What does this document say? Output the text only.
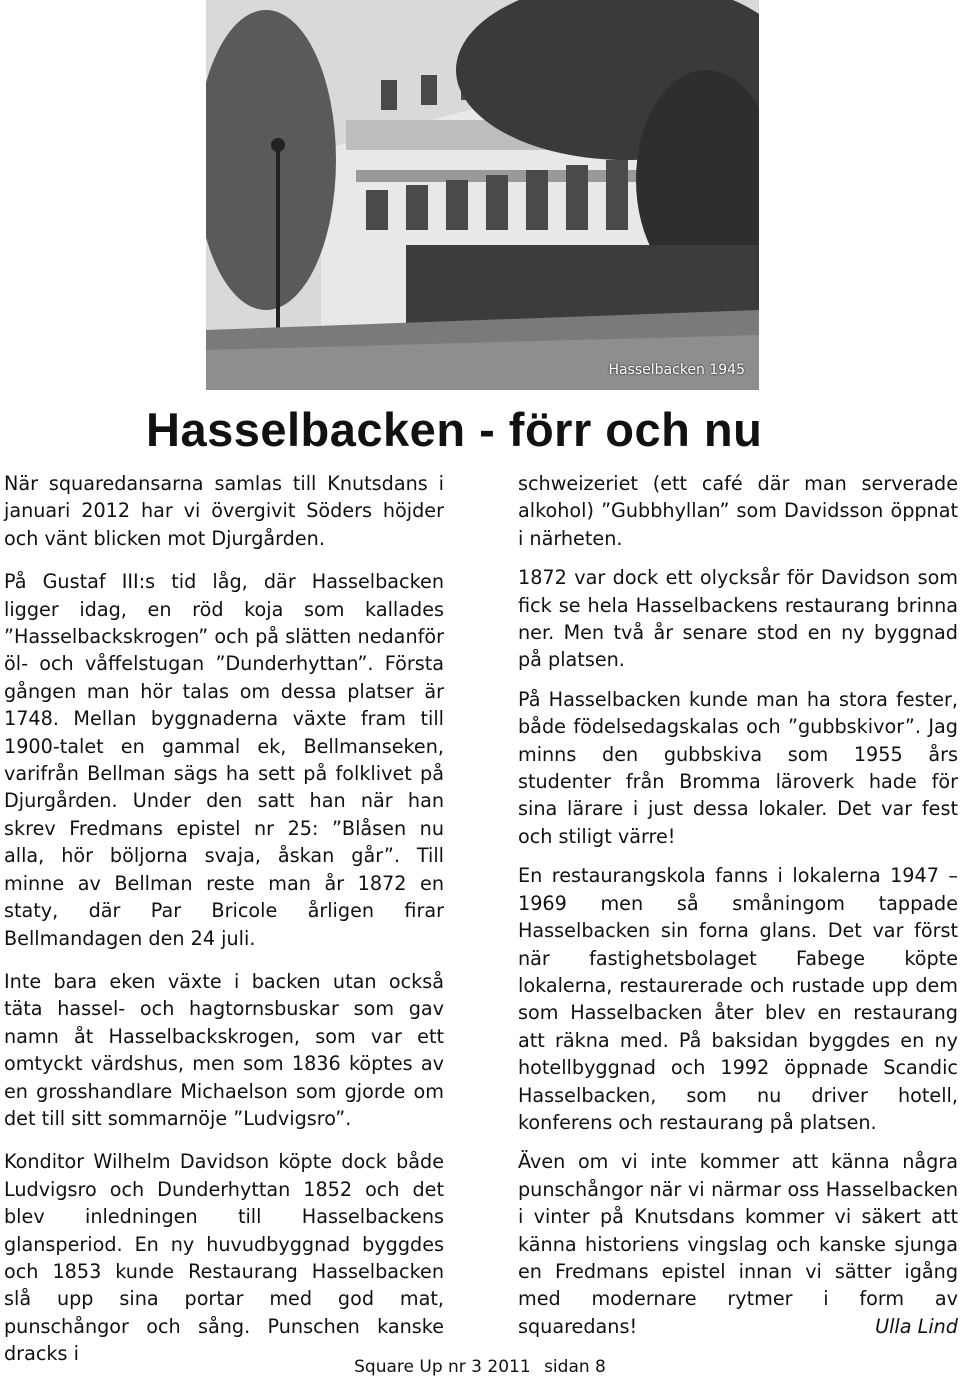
Hasselbacken 1945
Hasselbacken - förr och nu

När squaredansarna samlas till Knutsdans i januari 2012 har vi övergivit Söders höjder och vänt blicken mot Djurgården.

På Gustaf III:s tid låg, där Hasselbacken ligger idag, en röd koja som kallades ”Hasselbackskrogen” och på slätten nedanför öl- och våffelstugan ”Dunderhyttan”. Första gången man hör talas om dessa platser är 1748. Mellan byggnaderna växte fram till 1900-talet en gammal ek, Bellmanseken, varifrån Bellman sägs ha sett på folklivet på Djurgården. Under den satt han när han skrev Fredmans epistel nr 25: ”Blåsen nu alla, hör böljorna svaja, åskan går”. Till minne av Bellman reste man år 1872 en staty, där Par Bricole årligen firar Bellmandagen den 24 juli.

Inte bara eken växte i backen utan också täta hassel- och hagtornsbuskar som gav namn åt Hasselbackskrogen, som var ett omtyckt värdshus, men som 1836 köptes av en grosshandlare Michaelson som gjorde om det till sitt sommarnöje ”Ludvigsro”.

Konditor Wilhelm Davidson köpte dock både Ludvigsro och Dunderhyttan 1852 och det blev inledningen till Hasselbackens glansperiod. En ny huvudbyggnad byggdes och 1853 kunde Restaurang Hasselbacken slå upp sina portar med god mat, punschångor och sång. Punschen kanske dracks i

schweizeriet (ett café där man serverade alkohol) ”Gubbhyllan” som Davidsson öppnat i närheten.

1872 var dock ett olycksår för Davidson som fick se hela Hasselbackens restaurang brinna ner. Men två år senare stod en ny byggnad på platsen.

På Hasselbacken kunde man ha stora fester, både födelsedagskalas och ”gubbskivor”. Jag minns den gubbskiva som 1955 års studenter från Bromma läroverk hade för sina lärare i just dessa lokaler. Det var fest och stiligt värre!

En restaurangskola fanns i lokalerna 1947 – 1969 men så småningom tappade Hasselbacken sin forna glans. Det var först när fastighetsbolaget Fabege köpte lokalerna, restaurerade och rustade upp dem som Hasselbacken åter blev en restaurang att räkna med. På baksidan byggdes en ny hotellbyggnad och 1992 öppnade Scandic Hasselbacken, som nu driver hotell, konferens och restaurang på platsen.

Även om vi inte kommer att känna några punschångor när vi närmar oss Hasselbacken i vinter på Knutsdans kommer vi säkert att känna historiens vingslag och kanske sjunga en Fredmans epistel innan vi sätter igång med modernare rytmer i form av squaredans!	Ulla Lind

Square Up nr 3 2011 sidan 8
